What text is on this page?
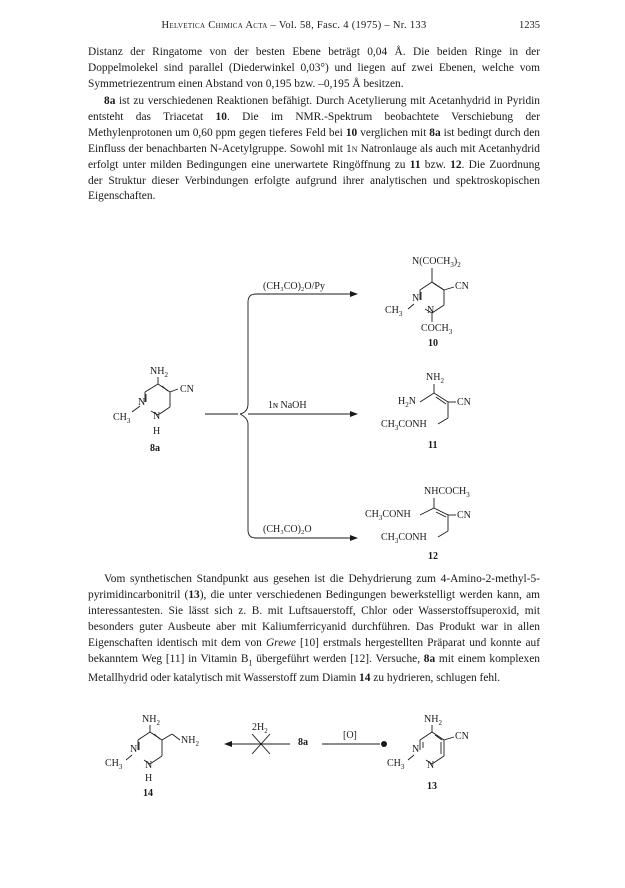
Helvetica Chimica Acta – Vol. 58, Fasc. 4 (1975) – Nr. 133	1235

Distanz der Ringatome von der besten Ebene beträgt 0,04 Å. Die beiden Ringe in der Doppelmolekel sind parallel (Diederwinkel 0,03°) und liegen auf zwei Ebenen, welche vom Symmetriezentrum einen Abstand von 0,195 bzw. –0,195 Å besitzen.

8a ist zu verschiedenen Reaktionen befähigt. Durch Acetylierung mit Acetanhydrid in Pyridin entsteht das Triacetat 10. Die im NMR.-Spektrum beobachtete Verschiebung der Methylenprotonen um 0,60 ppm gegen tieferes Feld bei 10 verglichen mit 8a ist bedingt durch den Einfluss der benachbarten N-Acetylgruppe. Sowohl mit 1n Natronlauge als auch mit Acetanhydrid erfolgt unter milden Bedingungen eine unerwartete Ringöffnung zu 11 bzw. 12. Die Zuordnung der Struktur dieser Verbindungen erfolgte aufgrund ihrer analytischen und spektroskopischen Eigenschaften.

(CH₃CO)₂O/Py
1ɴ NaOH
(CH₃CO)₂O
$NH_2$
CN
N
$CH_3$ N
H
8a
$N(COCH_3)_2$
N
CN
$CH_3$ N
$COCH_3$
10
$NH_2$
$H_2N$	CN
$CH_3CONH$
11
$NHCOCH_3$
$CH_3CONH$	CN
$CH_3CONH$
12

Vom synthetischen Standpunkt aus gesehen ist die Dehydrierung zum 4-Amino-2-methyl-5-pyrimidincarbonitril (13), die unter verschiedenen Bedingungen bewerkstelligt werden kann, am interessantesten. Sie lässt sich z. B. mit Luftsauerstoff, Chlor oder Wasserstoffsuperoxid, mit besonders guter Ausbeute aber mit Kaliumferricyanid durchführen. Das Produkt war in allen Eigenschaften identisch mit dem von Grewe [10] erstmals hergestellten Präparat und konnte auf bekanntem Weg [11] in Vitamin $B_1$ übergeführt werden [12]. Versuche, 8a mit einem komplexen Metallhydrid oder katalytisch mit Wasserstoff zum Diamin 14 zu hydrieren, schlugen fehl.

$NH_2$
$NH_2$
N
$CH_3$ N
H
14
$2H_2$
8a
[O]
$NH_2$
CN
N
$CH_3$ N
13
